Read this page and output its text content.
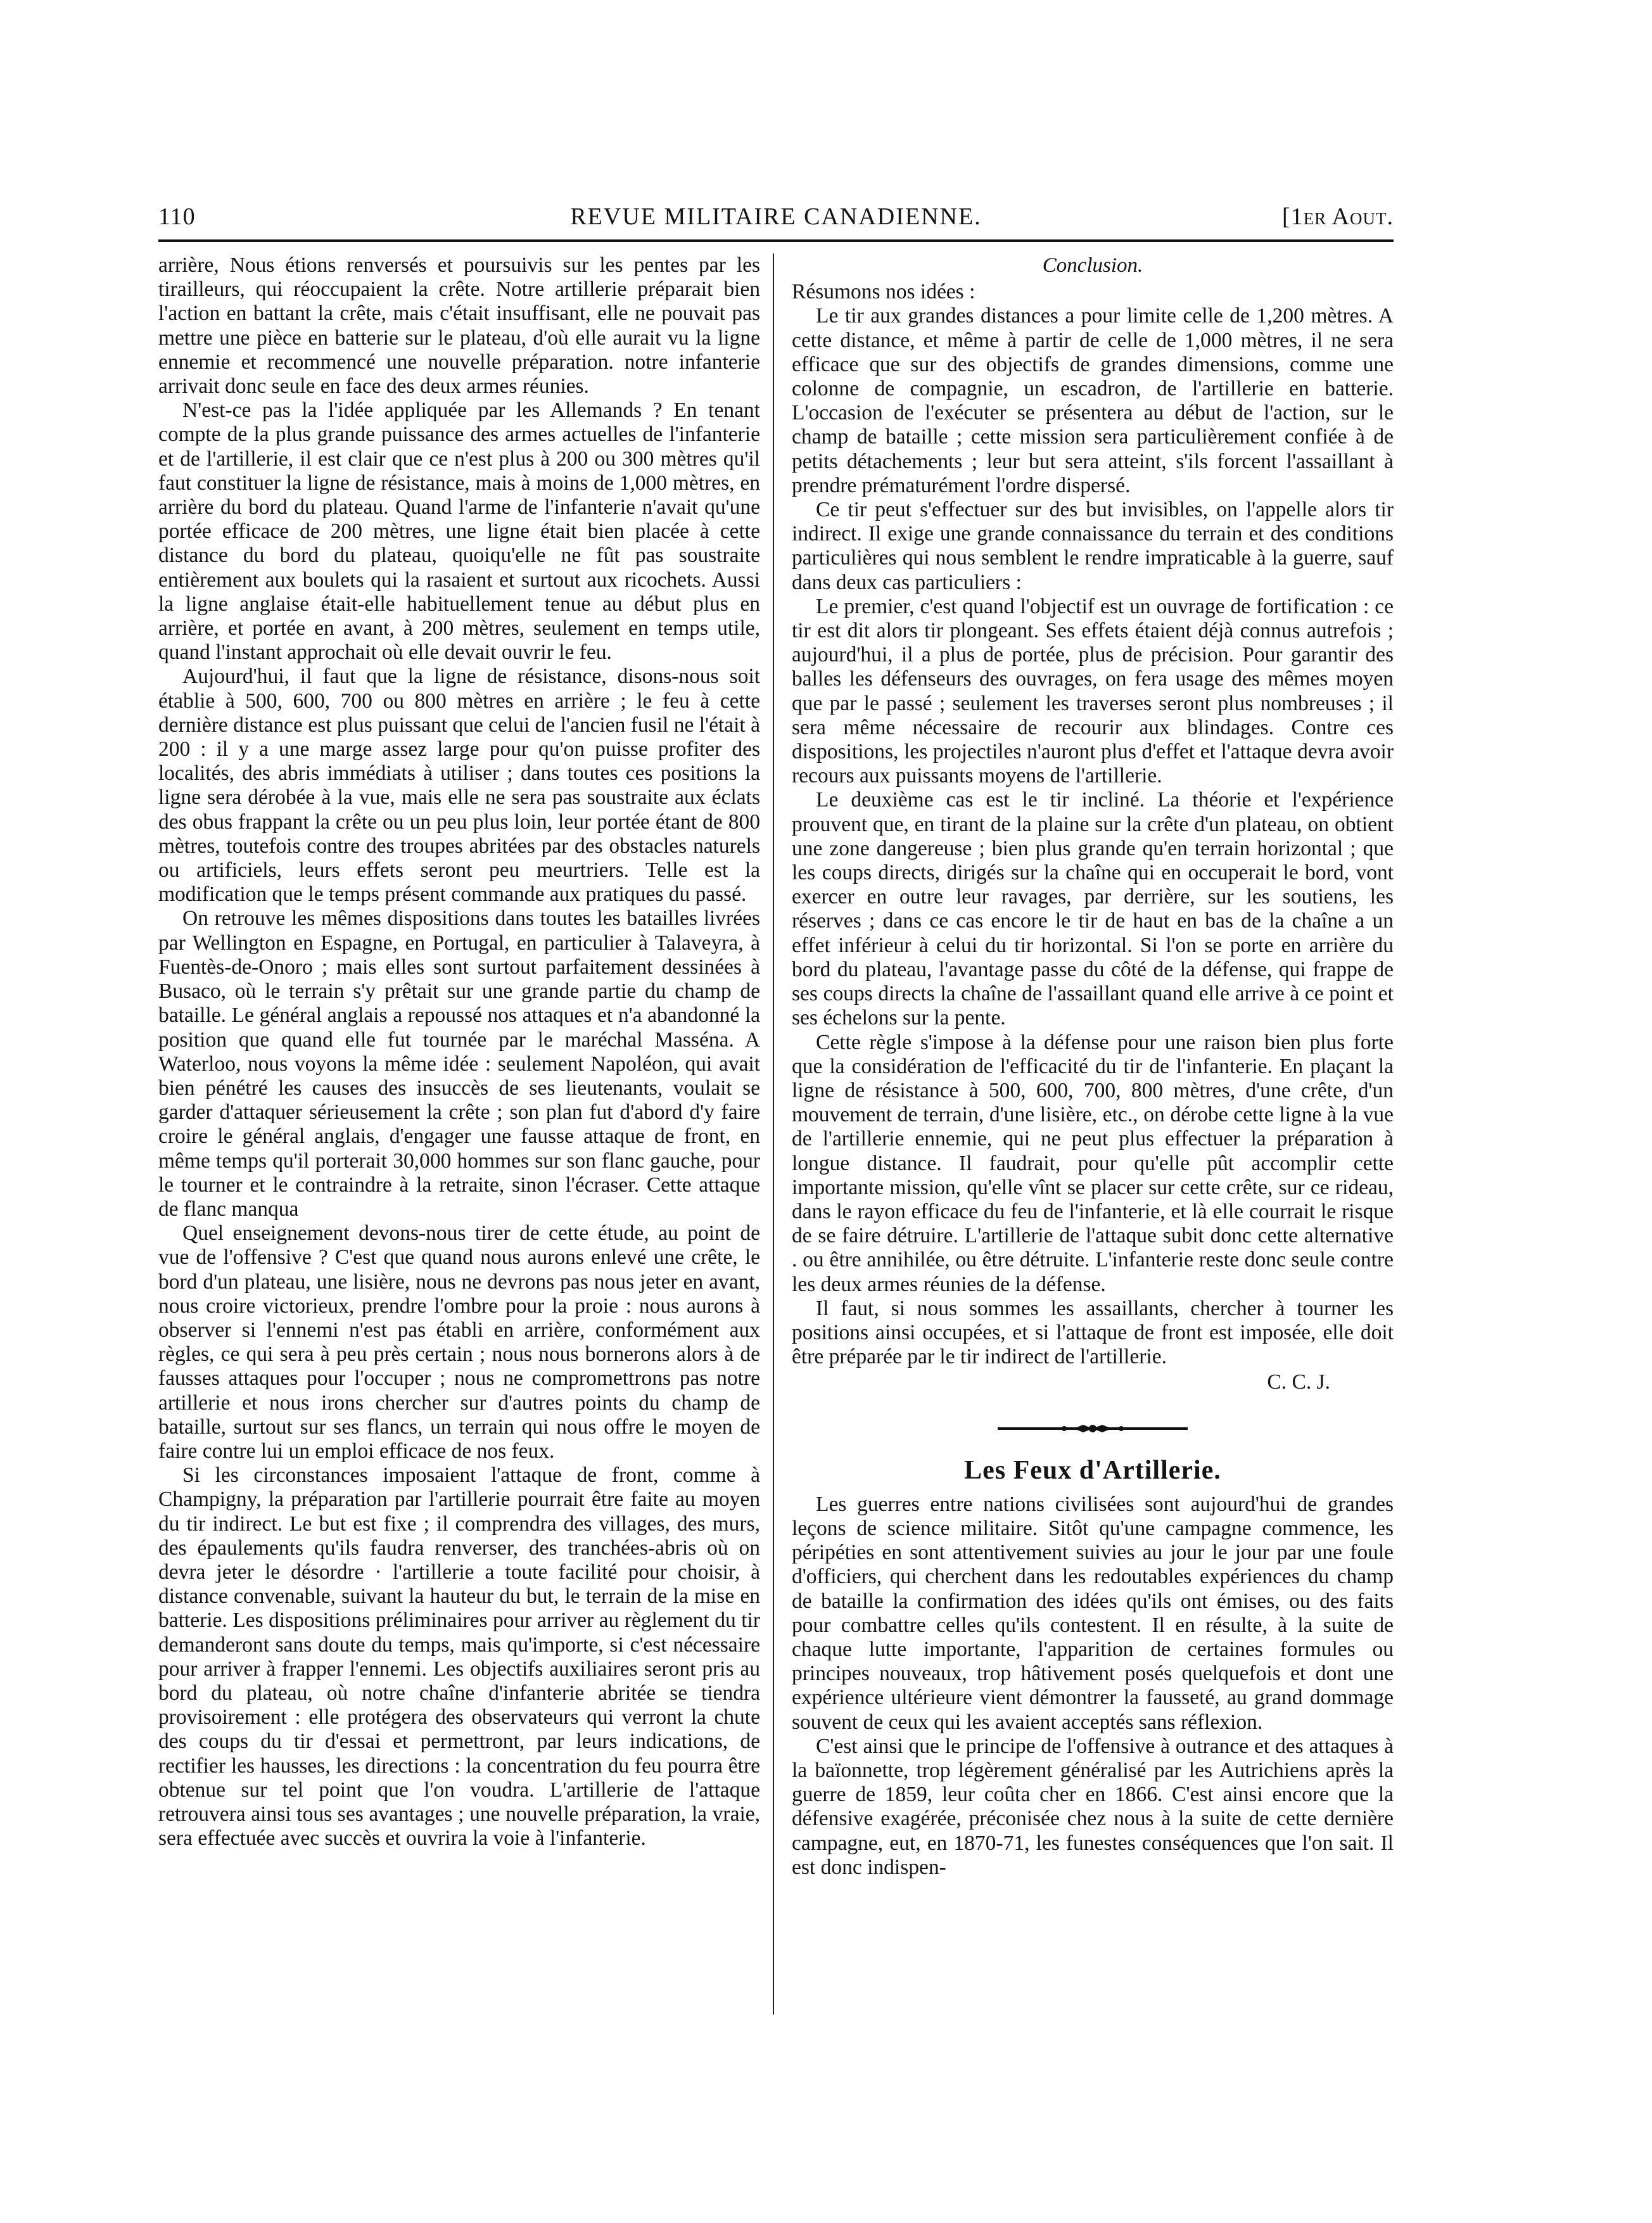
110	REVUE MILITAIRE CANADIENNE.	[1er Aout.

arrière, Nous étions renversés et poursuivis sur les pentes par les tirailleurs, qui réoccupaient la crête. Notre artillerie préparait bien l'action en battant la crête, mais c'était insuffisant, elle ne pouvait pas mettre une pièce en batterie sur le plateau, d'où elle aurait vu la ligne ennemie et recommencé une nouvelle préparation. notre infanterie arrivait donc seule en face des deux armes réunies.

N'est-ce pas la l'idée appliquée par les Allemands ? En tenant compte de la plus grande puissance des armes actuelles de l'infanterie et de l'artillerie, il est clair que ce n'est plus à 200 ou 300 mètres qu'il faut constituer la ligne de résistance, mais à moins de 1,000 mètres, en arrière du bord du plateau. Quand l'arme de l'infanterie n'avait qu'une portée efficace de 200 mètres, une ligne était bien placée à cette distance du bord du plateau, quoiqu'elle ne fût pas soustraite entièrement aux boulets qui la rasaient et surtout aux ricochets. Aussi la ligne anglaise était-elle habituellement tenue au début plus en arrière, et portée en avant, à 200 mètres, seulement en temps utile, quand l'instant approchait où elle devait ouvrir le feu.

Aujourd'hui, il faut que la ligne de résistance, disons-nous soit établie à 500, 600, 700 ou 800 mètres en arrière ; le feu à cette dernière distance est plus puissant que celui de l'ancien fusil ne l'était à 200 : il y a une marge assez large pour qu'on puisse profiter des localités, des abris immédiats à utiliser ; dans toutes ces positions la ligne sera dérobée à la vue, mais elle ne sera pas soustraite aux éclats des obus frappant la crête ou un peu plus loin, leur portée étant de 800 mètres, toutefois contre des troupes abritées par des obstacles naturels ou artificiels, leurs effets seront peu meurtriers. Telle est la modification que le temps présent commande aux pratiques du passé.

On retrouve les mêmes dispositions dans toutes les batailles livrées par Wellington en Espagne, en Portugal, en particulier à Talaveyra, à Fuentès-de-Onoro ; mais elles sont surtout parfaitement dessinées à Busaco, où le terrain s'y prêtait sur une grande partie du champ de bataille. Le général anglais a repoussé nos attaques et n'a abandonné la position que quand elle fut tournée par le maréchal Masséna. A Waterloo, nous voyons la même idée : seulement Napoléon, qui avait bien pénétré les causes des insuccès de ses lieutenants, voulait se garder d'attaquer sérieusement la crête ; son plan fut d'abord d'y faire croire le général anglais, d'engager une fausse attaque de front, en même temps qu'il porterait 30,000 hommes sur son flanc gauche, pour le tourner et le contraindre à la retraite, sinon l'écraser. Cette attaque de flanc manqua

Quel enseignement devons-nous tirer de cette étude, au point de vue de l'offensive ? C'est que quand nous aurons enlevé une crête, le bord d'un plateau, une lisière, nous ne devrons pas nous jeter en avant, nous croire victorieux, prendre l'ombre pour la proie : nous aurons à observer si l'ennemi n'est pas établi en arrière, conformément aux règles, ce qui sera à peu près certain ; nous nous bornerons alors à de fausses attaques pour l'occuper ; nous ne compromettrons pas notre artillerie et nous irons chercher sur d'autres points du champ de bataille, surtout sur ses flancs, un terrain qui nous offre le moyen de faire contre lui un emploi efficace de nos feux.

Si les circonstances imposaient l'attaque de front, comme à Champigny, la préparation par l'artillerie pourrait être faite au moyen du tir indirect. Le but est fixe ; il comprendra des villages, des murs, des épaulements qu'ils faudra renverser, des tranchées-abris où on devra jeter le désordre · l'artillerie a toute facilité pour choisir, à distance convenable, suivant la hauteur du but, le terrain de la mise en batterie. Les dispositions préliminaires pour arriver au règlement du tir demanderont sans doute du temps, mais qu'importe, si c'est nécessaire pour arriver à frapper l'ennemi. Les objectifs auxiliaires seront pris au bord du plateau, où notre chaîne d'infanterie abritée se tiendra provisoirement : elle protégera des observateurs qui verront la chute des coups du tir d'essai et permettront, par leurs indications, de rectifier les hausses, les directions : la concentration du feu pourra être obtenue sur tel point que l'on voudra. L'artillerie de l'attaque retrouvera ainsi tous ses avantages ; une nouvelle préparation, la vraie, sera effectuée avec succès et ouvrira la voie à l'infanterie.

Conclusion.

Résumons nos idées :

Le tir aux grandes distances a pour limite celle de 1,200 mètres. A cette distance, et même à partir de celle de 1,000 mètres, il ne sera efficace que sur des objectifs de grandes dimensions, comme une colonne de compagnie, un escadron, de l'artillerie en batterie. L'occasion de l'exécuter se présentera au début de l'action, sur le champ de bataille ; cette mission sera particulièrement confiée à de petits détachements ; leur but sera atteint, s'ils forcent l'assaillant à prendre prématurément l'ordre dispersé.

Ce tir peut s'effectuer sur des but invisibles, on l'appelle alors tir indirect. Il exige une grande connaissance du terrain et des conditions particulières qui nous semblent le rendre impraticable à la guerre, sauf dans deux cas particuliers :

Le premier, c'est quand l'objectif est un ouvrage de fortification : ce tir est dit alors tir plongeant. Ses effets étaient déjà connus autrefois ; aujourd'hui, il a plus de portée, plus de précision. Pour garantir des balles les défenseurs des ouvrages, on fera usage des mêmes moyen que par le passé ; seulement les traverses seront plus nombreuses ; il sera même nécessaire de recourir aux blindages. Contre ces dispositions, les projectiles n'auront plus d'effet et l'attaque devra avoir recours aux puissants moyens de l'artillerie.

Le deuxième cas est le tir incliné. La théorie et l'expérience prouvent que, en tirant de la plaine sur la crête d'un plateau, on obtient une zone dangereuse ; bien plus grande qu'en terrain horizontal ; que les coups directs, dirigés sur la chaîne qui en occuperait le bord, vont exercer en outre leur ravages, par derrière, sur les soutiens, les réserves ; dans ce cas encore le tir de haut en bas de la chaîne a un effet inférieur à celui du tir horizontal. Si l'on se porte en arrière du bord du plateau, l'avantage passe du côté de la défense, qui frappe de ses coups directs la chaîne de l'assaillant quand elle arrive à ce point et ses échelons sur la pente.

Cette règle s'impose à la défense pour une raison bien plus forte que la considération de l'efficacité du tir de l'infanterie. En plaçant la ligne de résistance à 500, 600, 700, 800 mètres, d'une crête, d'un mouvement de terrain, d'une lisière, etc., on dérobe cette ligne à la vue de l'artillerie ennemie, qui ne peut plus effectuer la préparation à longue distance. Il faudrait, pour qu'elle pût accomplir cette importante mission, qu'elle vînt se placer sur cette crête, sur ce rideau, dans le rayon efficace du feu de l'infanterie, et là elle courrait le risque de se faire détruire. L'artillerie de l'attaque subit donc cette alternative . ou être annihilée, ou être détruite. L'infanterie reste donc seule contre les deux armes réunies de la défense.

Il faut, si nous sommes les assaillants, chercher à tourner les positions ainsi occupées, et si l'attaque de front est imposée, elle doit être préparée par le tir indirect de l'artillerie.

C. C. J.
Les Feux d'Artillerie.

Les guerres entre nations civilisées sont aujourd'hui de grandes leçons de science militaire. Sitôt qu'une campagne commence, les péripéties en sont attentivement suivies au jour le jour par une foule d'officiers, qui cherchent dans les redoutables expériences du champ de bataille la confirmation des idées qu'ils ont émises, ou des faits pour combattre celles qu'ils contestent. Il en résulte, à la suite de chaque lutte importante, l'apparition de certaines formules ou principes nouveaux, trop hâtivement posés quelquefois et dont une expérience ultérieure vient démontrer la fausseté, au grand dommage souvent de ceux qui les avaient acceptés sans réflexion.

C'est ainsi que le principe de l'offensive à outrance et des attaques à la baïonnette, trop légèrement généralisé par les Autrichiens après la guerre de 1859, leur coûta cher en 1866. C'est ainsi encore que la défensive exagérée, préconisée chez nous à la suite de cette dernière campagne, eut, en 1870-71, les funestes conséquences que l'on sait. Il est donc indispen-
